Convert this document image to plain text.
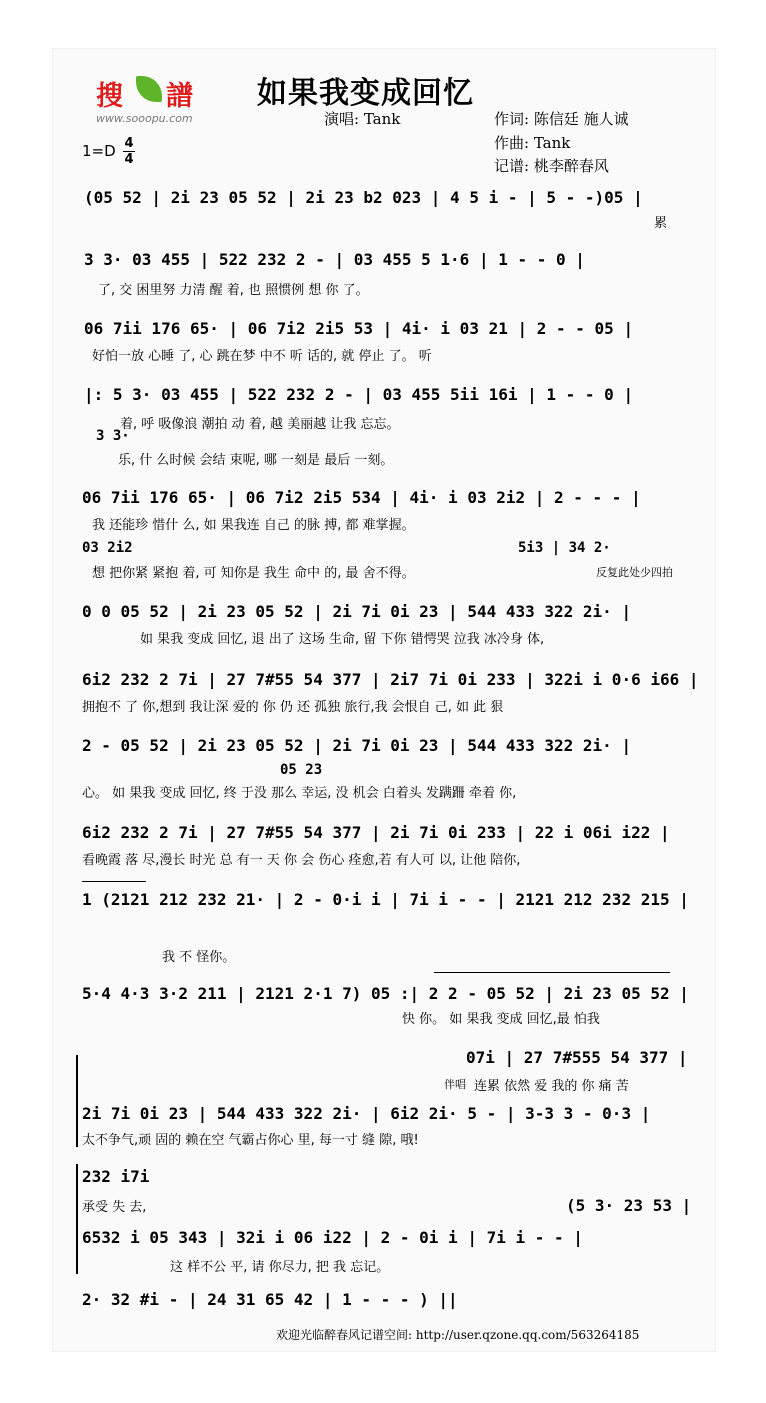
搜 譜
www.sooopu.com
如果我变成回忆
演唱: Tank	作词: 陈信廷 施人诚
作曲: Tank
记谱: 桃李醉春风
1=D 4
4
(05 52 | 2i 23 05 52 | 2i 23 b2 023 | 4 5 i - | 5 - -)05 |
累
3 3· 03 455 | 522 232 2 - | 03 455 5 1·6 | 1 - - 0 |
了, 交 困里努 力清 醒 着, 也 照惯例 想 你 了。
06 7ii 176 65· | 06 7i2 2i5 53 | 4i· i 03 21 | 2 - - 05 |
好怕一放 心睡 了, 心 跳在梦 中不 听 话的, 就 停止 了。 听
|: 5 3· 03 455 | 522 232 2 - | 03 455 5ii 16i | 1 - - 0 |
着, 呼 吸像浪 潮拍 动 着, 越 美丽越 让我 忘忘。
3 3·
乐, 什 么时候 会结 束呢, 哪 一刻是 最后 一刻。
06 7ii 176 65· | 06 7i2 2i5 534 | 4i· i 03 2i2 | 2 - - - |
我 还能珍 惜什 么, 如 果我连 自己 的脉 搏, 都 难掌握。
03 2i2	5i3 | 34 2·
想 把你紧 紧抱 着, 可 知你是 我生 命中 的, 最 舍不得。	反复此处少四拍
0 0 05 52 | 2i 23 05 52 | 2i 7i 0i 23 | 544 433 322 2i· |
如 果我 变成 回忆, 退 出了 这场 生命, 留 下你 错愕哭 泣我 冰冷身 体,
6i2 232 2 7i | 27 7#55 54 377 | 2i7 7i 0i 233 | 322i i 0·6 i66 |
拥抱不 了 你,想到 我让深 爱的 你 仍 还 孤独 旅行,我 会恨自 己, 如 此 狠
2 - 05 52 | 2i 23 05 52 | 2i 7i 0i 23 | 544 433 322 2i· |
05 23
心。 如 果我 变成 回忆, 终 于没 那么 幸运, 没 机会 白着头 发蹒跚 牵着 你,
6i2 232 2 7i | 27 7#55 54 377 | 2i 7i 0i 233 | 22 i 06i i22 |
看晚霞 落 尽,漫长 时光 总 有一 天 你 会 伤心 痊愈,若 有人可 以, 让他 陪你,
1 (2121 212 232 21· | 2 - 0·i i | 7i i - - | 2121 212 232 215 |
我 不 怪你。
5·4 4·3 3·2 211 | 2121 2·1 7) 05 :| 2 2 - 05 52 | 2i 23 05 52 |
快 你。 如 果我 变成 回忆,最 怕我
07i | 27 7#555 54 377 |
伴唱 连累 依然 爱 我的 你 痛 苦
2i 7i 0i 23 | 544 433 322 2i· | 6i2 2i· 5 - | 3-3 3 - 0·3 |
太不争气,顽 固的 赖在空 气霸占你心 里, 每一寸 缝 隙, 哦!
232 i7i
承受 失 去,	(5 3· 23 53 |
6532 i 05 343 | 32i i 06 i22 | 2 - 0i i | 7i i - - |
这 样不公 平, 请 你尽力, 把 我 忘记。
2· 32 #i - | 24 31 65 42 | 1 - - - ) ||
欢迎光临醉春风记谱空间: http://user.qzone.qq.com/563264185
